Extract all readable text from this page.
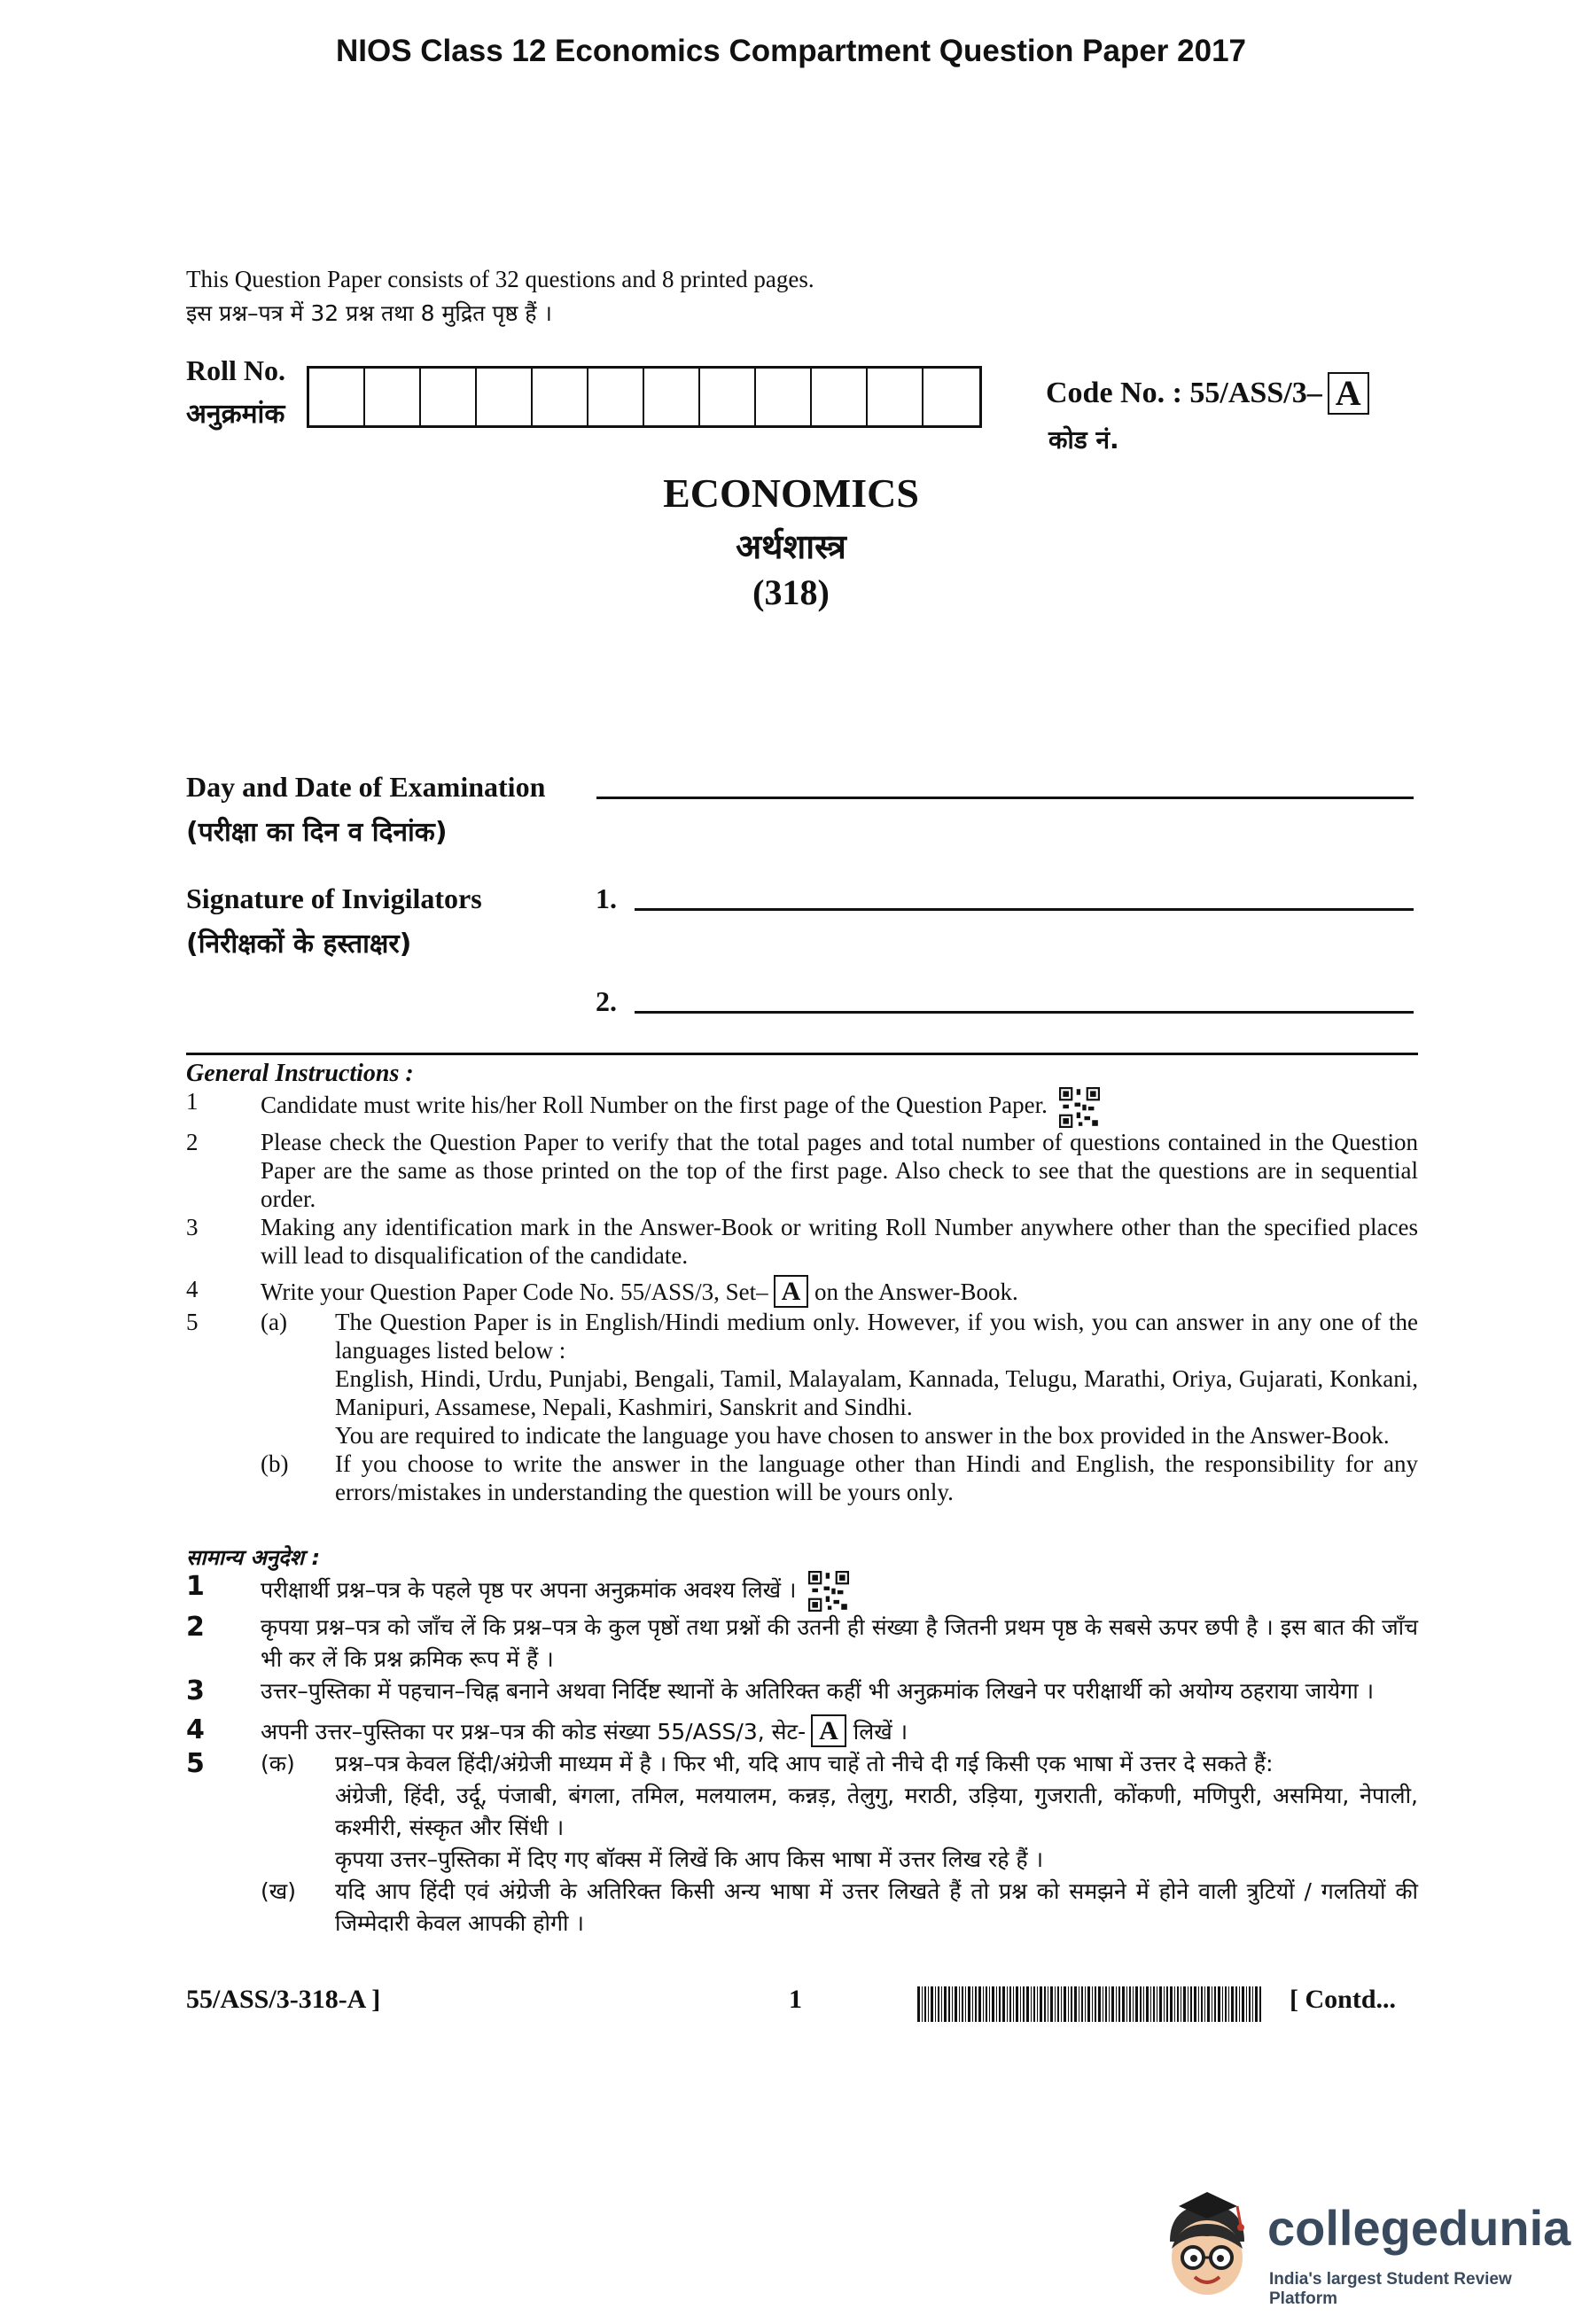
NIOS Class 12 Economics Compartment Question Paper 2017
This Question Paper consists of 32 questions and 8 printed pages.
इस प्रश्न–पत्र में 32 प्रश्न तथा 8 मुद्रित पृष्ठ हैं ।
Roll No.
अनुक्रमांक
Code No. : 55/ASS/3– A
कोड नं.
ECONOMICS
अर्थशास्त्र
(318)
Day and Date of Examination
(परीक्षा का दिन व दिनांक)
Signature of Invigilators
(निरीक्षकों के हस्ताक्षर)
1.
2.
General Instructions :
1	Candidate must write his/her Roll Number on the first page of the Question Paper.
2	Please check the Question Paper to verify that the total pages and total number of questions contained in the Question Paper are the same as those printed on the top of the first page. Also check to see that the questions are in sequential order.
3	Making any identification mark in the Answer-Book or writing Roll Number anywhere other than the specified places will lead to disqualification of the candidate.
4	Write your Question Paper Code No. 55/ASS/3, Set– A on the Answer-Book.
5	(a)	The Question Paper is in English/Hindi medium only. However, if you wish, you can answer in any one of the languages listed below :
English, Hindi, Urdu, Punjabi, Bengali, Tamil, Malayalam, Kannada, Telugu, Marathi, Oriya, Gujarati, Konkani, Manipuri, Assamese, Nepali, Kashmiri, Sanskrit and Sindhi.
You are required to indicate the language you have chosen to answer in the box provided in the Answer-Book.
(b)	If you choose to write the answer in the language other than Hindi and English, the responsibility for any errors/mistakes in understanding the question will be yours only.
सामान्य अनुदेश :
1	परीक्षार्थी प्रश्न–पत्र के पहले पृष्ठ पर अपना अनुक्रमांक अवश्य लिखें ।
2	कृपया प्रश्न–पत्र को जाँच लें कि प्रश्न–पत्र के कुल पृष्ठों तथा प्रश्नों की उतनी ही संख्या है जितनी प्रथम पृष्ठ के सबसे ऊपर छपी है । इस बात की जाँच भी कर लें कि प्रश्न क्रमिक रूप में हैं ।
3	उत्तर–पुस्तिका में पहचान–चिह्न बनाने अथवा निर्दिष्ट स्थानों के अतिरिक्त कहीं भी अनुक्रमांक लिखने पर परीक्षार्थी को अयोग्य ठहराया जायेगा ।
4	अपनी उत्तर–पुस्तिका पर प्रश्न–पत्र की कोड संख्या 55/ASS/3, सेट- A लिखें ।
5	(क)	प्रश्न–पत्र केवल हिंदी/अंग्रेजी माध्यम में है । फिर भी, यदि आप चाहें तो नीचे दी गई किसी एक भाषा में उत्तर दे सकते हैं:
अंग्रेजी, हिंदी, उर्दू, पंजाबी, बंगला, तमिल, मलयालम, कन्नड़, तेलुगु, मराठी, उड़िया, गुजराती, कोंकणी, मणिपुरी, असमिया, नेपाली, कश्मीरी, संस्कृत और सिंधी ।
कृपया उत्तर–पुस्तिका में दिए गए बॉक्स में लिखें कि आप किस भाषा में उत्तर लिख रहे हैं ।
(ख)	यदि आप हिंदी एवं अंग्रेजी के अतिरिक्त किसी अन्य भाषा में उत्तर लिखते हैं तो प्रश्न को समझने में होने वाली त्रुटियों / गलतियों की जिम्मेदारी केवल आपकी होगी ।
55/ASS/3-318-A ]	1	[ Contd...
collegedunia
India's largest Student Review Platform
